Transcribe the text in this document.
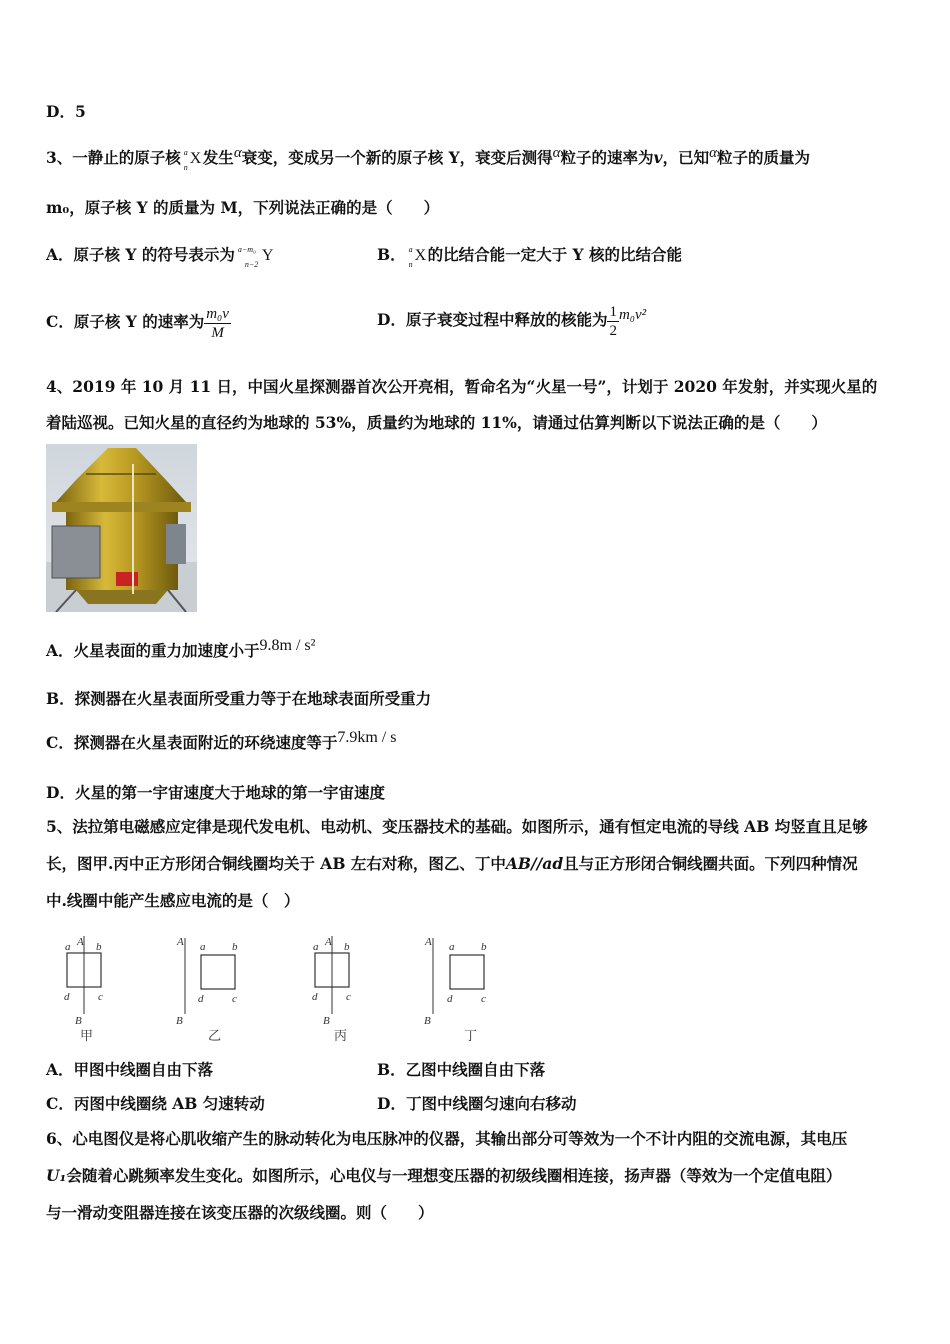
D．5
3、一静止的原子核 a
n
X 发生α衰变，变成另一个新的原子核 Y，衰变后测得α粒子的速率为v，已知α粒子的质量为
m₀，原子核 Y 的质量为 M，下列说法正确的是（　　）
A．原子核 Y 的符号表示为 a−m₀
n−2
Y	B． a
n
X 的比结合能一定大于 Y 核的比结合能
C．原子核 Y 的速率为 $\frac{\text{m₀v}}{M}$	D．原子衰变过程中释放的核能为 $\frac{1}{2} m_0v^2$
4、2019 年 10 月 11 日，中国火星探测器首次公开亮相，暂命名为“火星一号”，计划于 2020 年发射，并实现火星的
着陆巡视。已知火星的直径约为地球的 53%，质量约为地球的 11%，请通过估算判断以下说法正确的是（　　）
A．火星表面的重力加速度小于9.8m / s²
B．探测器在火星表面所受重力等于在地球表面所受重力
C．探测器在火星表面附近的环绕速度等于7.9km / s
D．火星的第一宇宙速度大于地球的第一宇宙速度
5、法拉第电磁感应定律是现代发电机、电动机、变压器技术的基础。如图所示，通有恒定电流的导线 AB 均竖直且足够
长，图甲.丙中正方形闭合铜线圈均关于 AB 左右对称，图乙、丁中AB//ad且与正方形闭合铜线圈共面。下列四种情况
中.线圈中能产生感应电流的是（　）
A
a b
c
d
B
甲
A a b
c
d
B
乙
A
a b
c
d
B
丙
A a b
c
d
B
丁
A．甲图中线圈自由下落	B．乙图中线圈自由下落
C．丙图中线圈绕 AB 匀速转动	D．丁图中线圈匀速向右移动
6、心电图仪是将心肌收缩产生的脉动转化为电压脉冲的仪器，其输出部分可等效为一个不计内阻的交流电源，其电压
U₁会随着心跳频率发生变化。如图所示，心电仪与一理想变压器的初级线圈相连接，扬声器（等效为一个定值电阻）
与一滑动变阻器连接在该变压器的次级线圈。则（　　）
